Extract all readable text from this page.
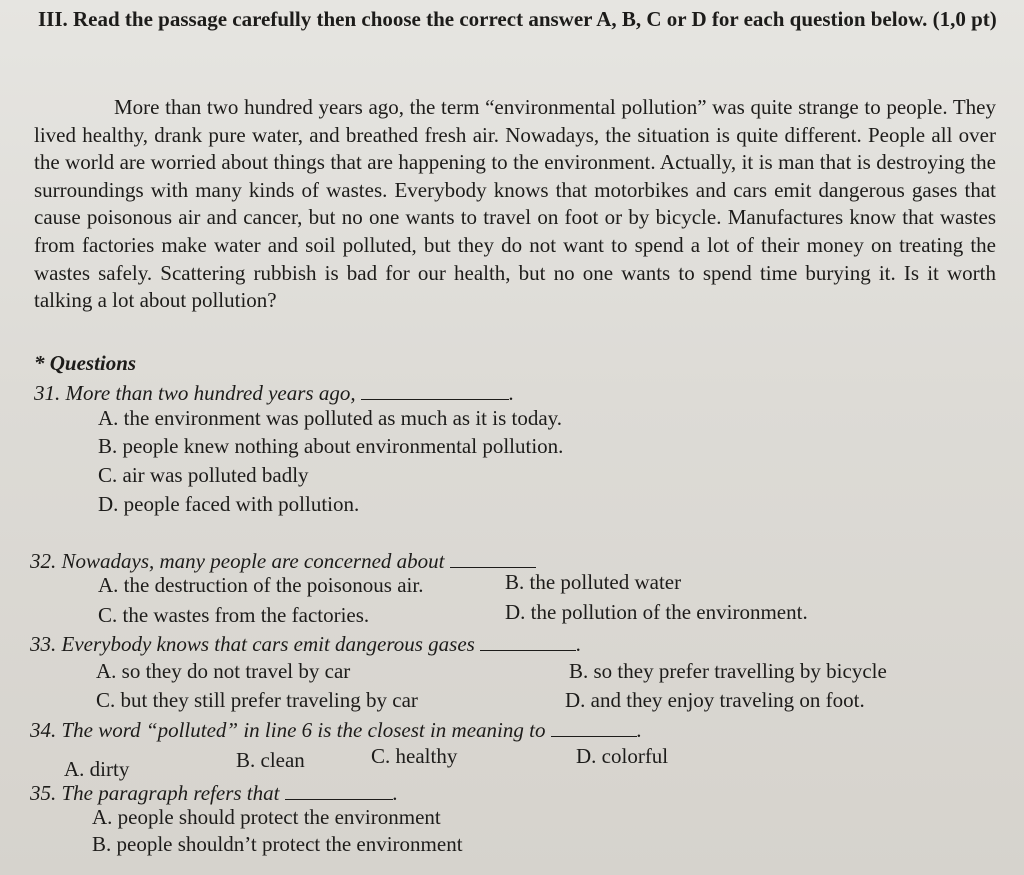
III. Read the passage carefully then choose the correct answer A, B, C or D for each question below. (1,0 pt)

More than two hundred years ago, the term “environmental pollution” was quite strange to people. They lived healthy, drank pure water, and breathed fresh air. Nowadays, the situation is quite different. People all over the world are worried about things that are happening to the environment. Actually, it is man that is destroying the surroundings with many kinds of wastes. Everybody knows that motorbikes and cars emit dangerous gases that cause poisonous air and cancer, but no one wants to travel on foot or by bicycle. Manufactures know that wastes from factories make water and soil polluted, but they do not want to spend a lot of their money on treating the wastes safely. Scattering rubbish is bad for our health, but no one wants to spend time burying it. Is it worth talking a lot about pollution?

* Questions
31. More than two hundred years ago,	.
A. the environment was polluted as much as it is today.
B. people knew nothing about environmental pollution.
C. air was polluted badly
D. people faced with pollution.
32. Nowadays, many people are concerned about
A. the destruction of the poisonous air.	B. the polluted water
C. the wastes from the factories.	D. the pollution of the environment.
33. Everybody knows that cars emit dangerous gases	.
A. so they do not travel by car	B. so they prefer travelling by bicycle
C. but they still prefer traveling by car	D. and they enjoy traveling on foot.
34. The word “polluted” in line 6 is the closest in meaning to	.
A. dirty	B. clean	C. healthy	D. colorful
35. The paragraph refers that	.
A. people should protect the environment
B. people shouldn’t protect the environment
